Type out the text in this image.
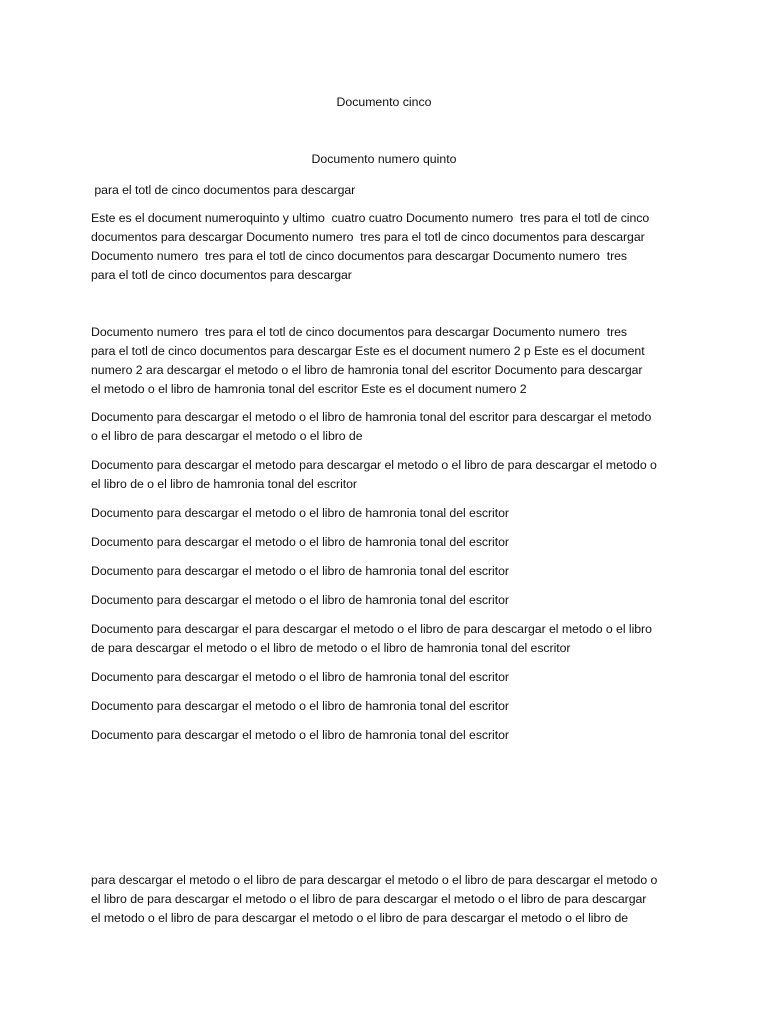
Documento cinco
Documento numero quinto
para el totl de cinco documentos para descargar
Este es el document numeroquinto y ultimo  cuatro cuatro Documento numero  tres para el totl de cinco
documentos para descargar Documento numero  tres para el totl de cinco documentos para descargar
Documento numero  tres para el totl de cinco documentos para descargar Documento numero  tres
para el totl de cinco documentos para descargar
Documento numero  tres para el totl de cinco documentos para descargar Documento numero  tres
para el totl de cinco documentos para descargar Este es el document numero 2 p Este es el document
numero 2 ara descargar el metodo o el libro de hamronia tonal del escritor Documento para descargar
el metodo o el libro de hamronia tonal del escritor Este es el document numero 2
Documento para descargar el metodo o el libro de hamronia tonal del escritor para descargar el metodo
o el libro de para descargar el metodo o el libro de
Documento para descargar el metodo para descargar el metodo o el libro de para descargar el metodo o
el libro de o el libro de hamronia tonal del escritor
Documento para descargar el metodo o el libro de hamronia tonal del escritor
Documento para descargar el metodo o el libro de hamronia tonal del escritor
Documento para descargar el metodo o el libro de hamronia tonal del escritor
Documento para descargar el metodo o el libro de hamronia tonal del escritor
Documento para descargar el para descargar el metodo o el libro de para descargar el metodo o el libro
de para descargar el metodo o el libro de metodo o el libro de hamronia tonal del escritor
Documento para descargar el metodo o el libro de hamronia tonal del escritor
Documento para descargar el metodo o el libro de hamronia tonal del escritor
Documento para descargar el metodo o el libro de hamronia tonal del escritor
para descargar el metodo o el libro de para descargar el metodo o el libro de para descargar el metodo o
el libro de para descargar el metodo o el libro de para descargar el metodo o el libro de para descargar
el metodo o el libro de para descargar el metodo o el libro de para descargar el metodo o el libro de
